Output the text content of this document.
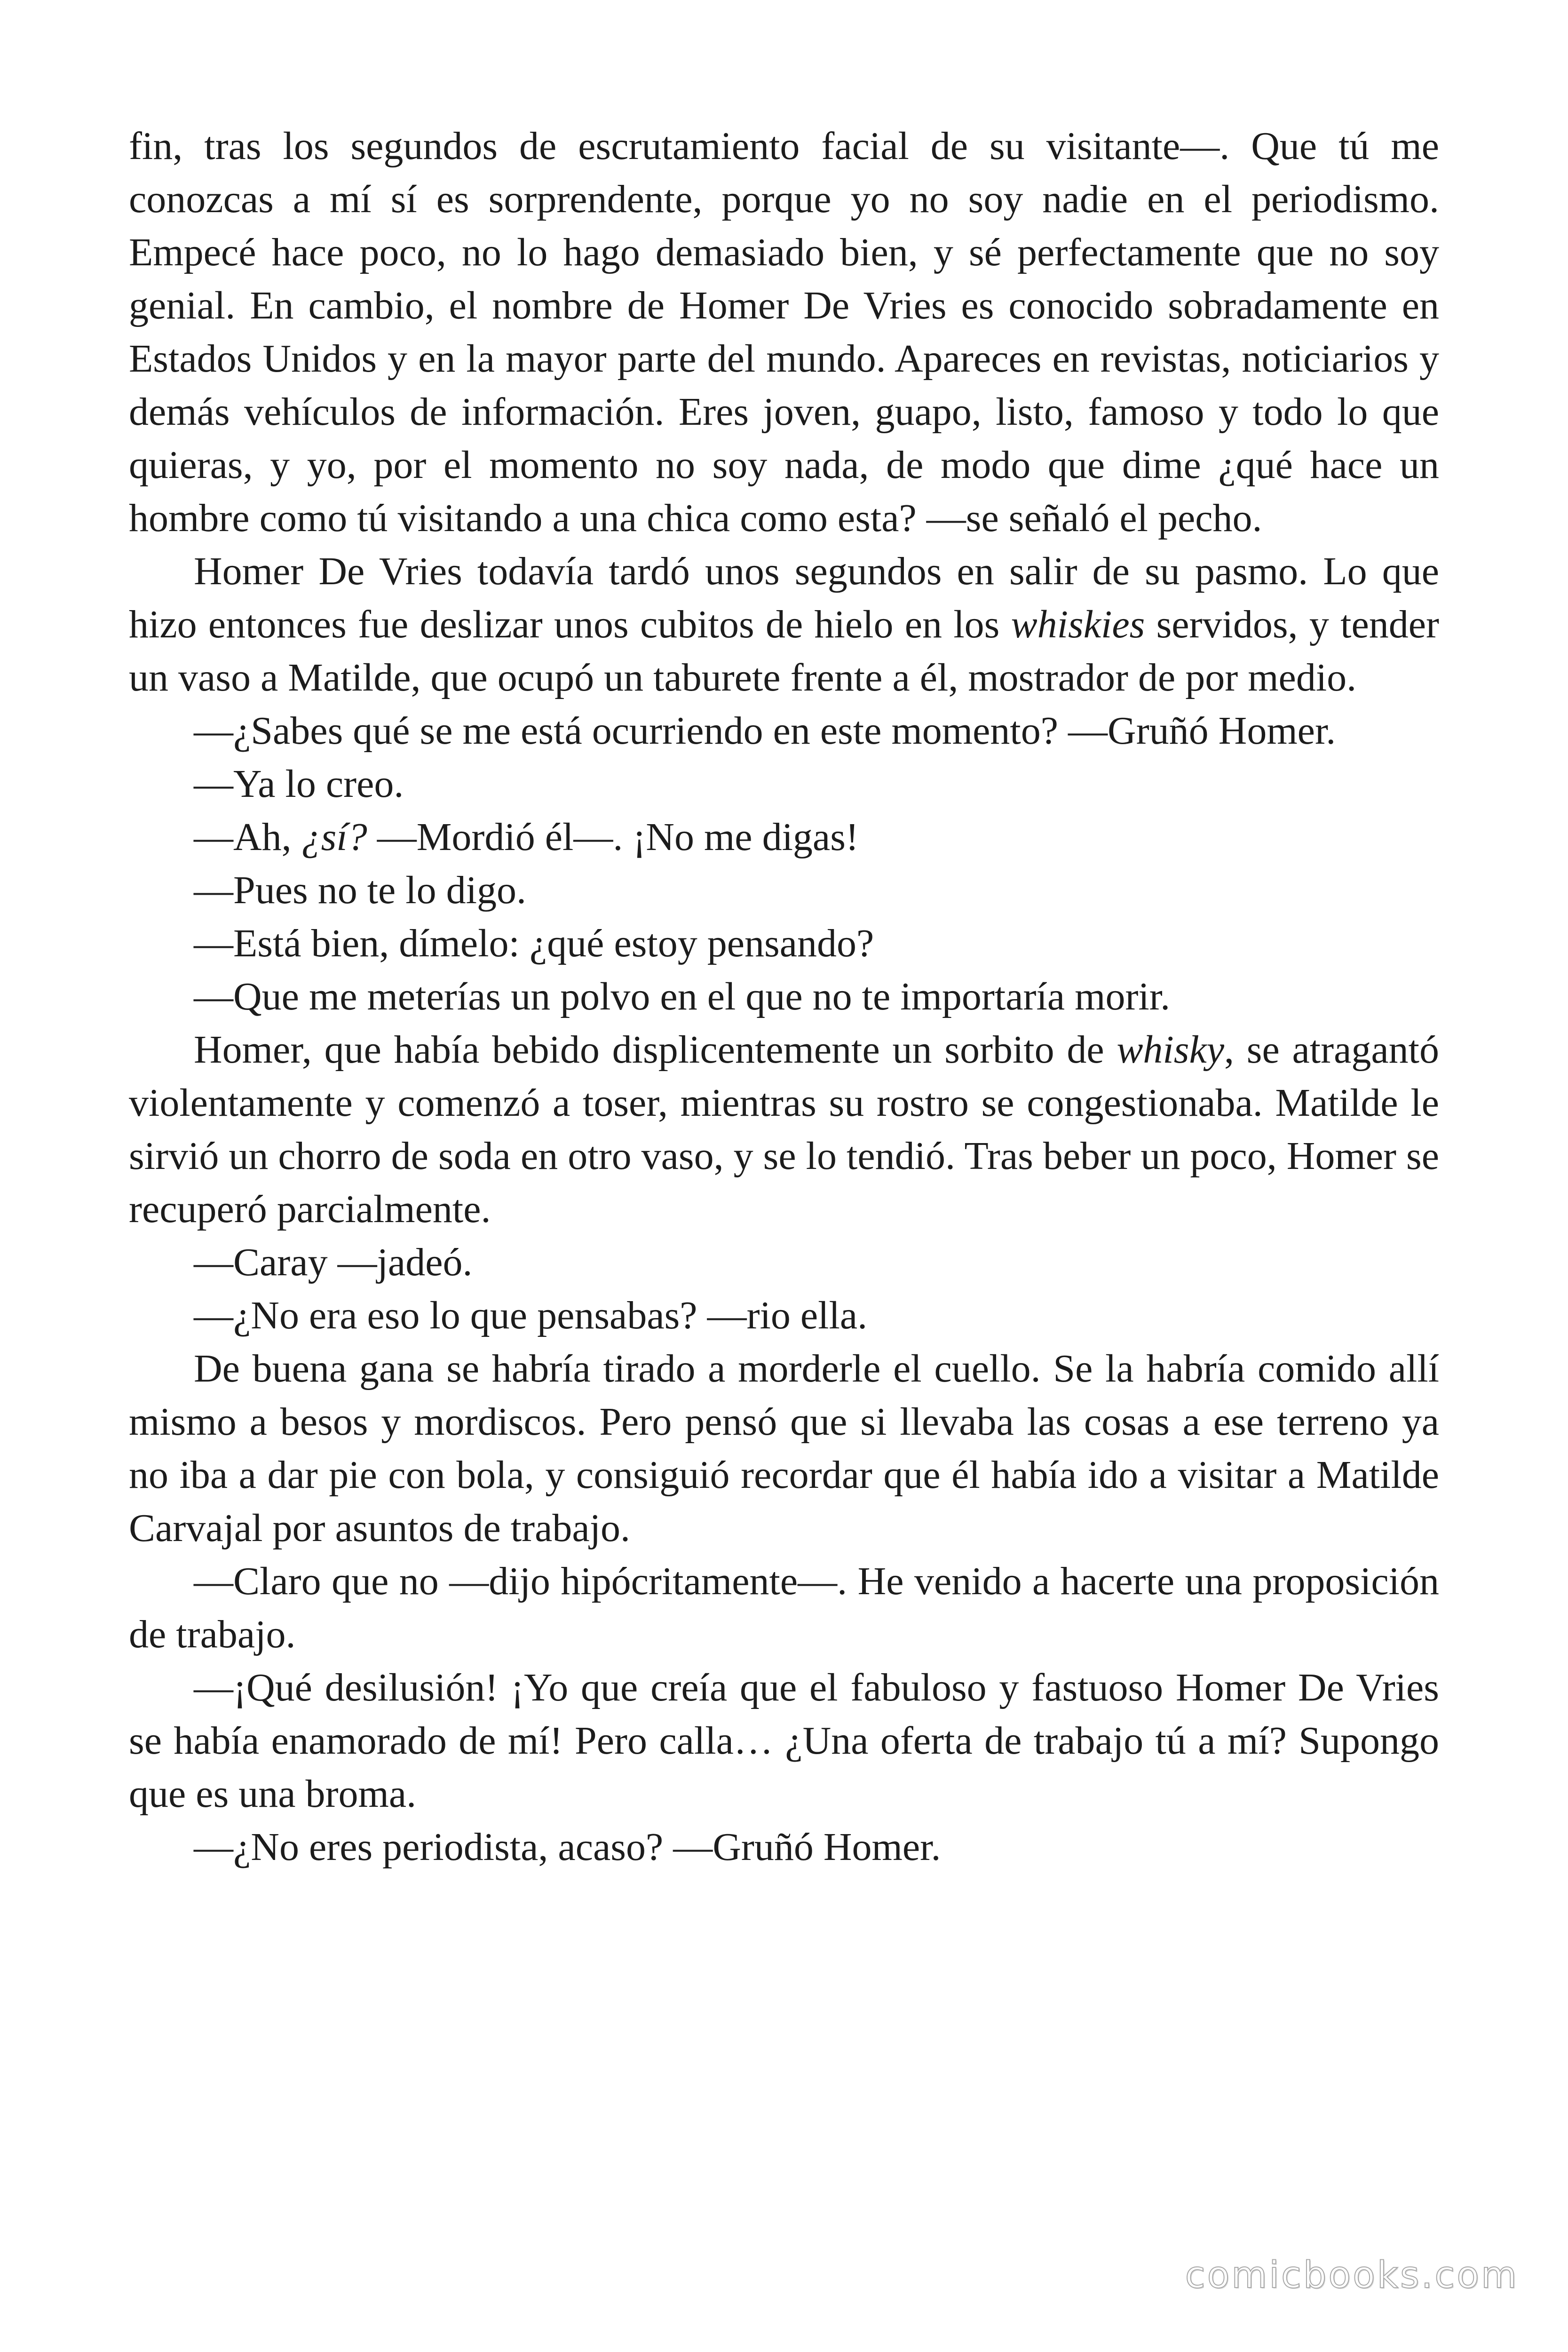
fin, tras los segundos de escrutamiento facial de su visitante—. Que tú me conozcas a mí sí es sorprendente, porque yo no soy nadie en el periodismo. Empecé hace poco, no lo hago demasiado bien, y sé perfectamente que no soy genial. En cambio, el nombre de Homer De Vries es conocido sobradamente en Estados Unidos y en la mayor parte del mundo. Apareces en revistas, noticiarios y demás vehículos de información. Eres joven, guapo, listo, famoso y todo lo que quieras, y yo, por el momento no soy nada, de modo que dime ¿qué hace un hombre como tú visitando a una chica como esta? —se señaló el pecho.

Homer De Vries todavía tardó unos segundos en salir de su pasmo. Lo que hizo entonces fue deslizar unos cubitos de hielo en los whiskies servidos, y tender un vaso a Matilde, que ocupó un taburete frente a él, mostrador de por medio.

—¿Sabes qué se me está ocurriendo en este momento? —Gruñó Homer.

—Ya lo creo.

—Ah, ¿sí? —Mordió él—. ¡No me digas!

—Pues no te lo digo.

—Está bien, dímelo: ¿qué estoy pensando?

—Que me meterías un polvo en el que no te importaría morir.

Homer, que había bebido displicentemente un sorbito de whisky, se atragantó violentamente y comenzó a toser, mientras su rostro se congestionaba. Matilde le sirvió un chorro de soda en otro vaso, y se lo tendió. Tras beber un poco, Homer se recuperó parcialmente.

—Caray —jadeó.

—¿No era eso lo que pensabas? —rio ella.

De buena gana se habría tirado a morderle el cuello. Se la habría comido allí mismo a besos y mordiscos. Pero pensó que si llevaba las cosas a ese terreno ya no iba a dar pie con bola, y consiguió recordar que él había ido a visitar a Matilde Carvajal por asuntos de trabajo.

—Claro que no —dijo hipócritamente—. He venido a hacerte una proposición de trabajo.

—¡Qué desilusión! ¡Yo que creía que el fabuloso y fastuoso Homer De Vries se había enamorado de mí! Pero calla… ¿Una oferta de trabajo tú a mí? Supongo que es una broma.

—¿No eres periodista, acaso? —Gruñó Homer.

comicbooks.com
